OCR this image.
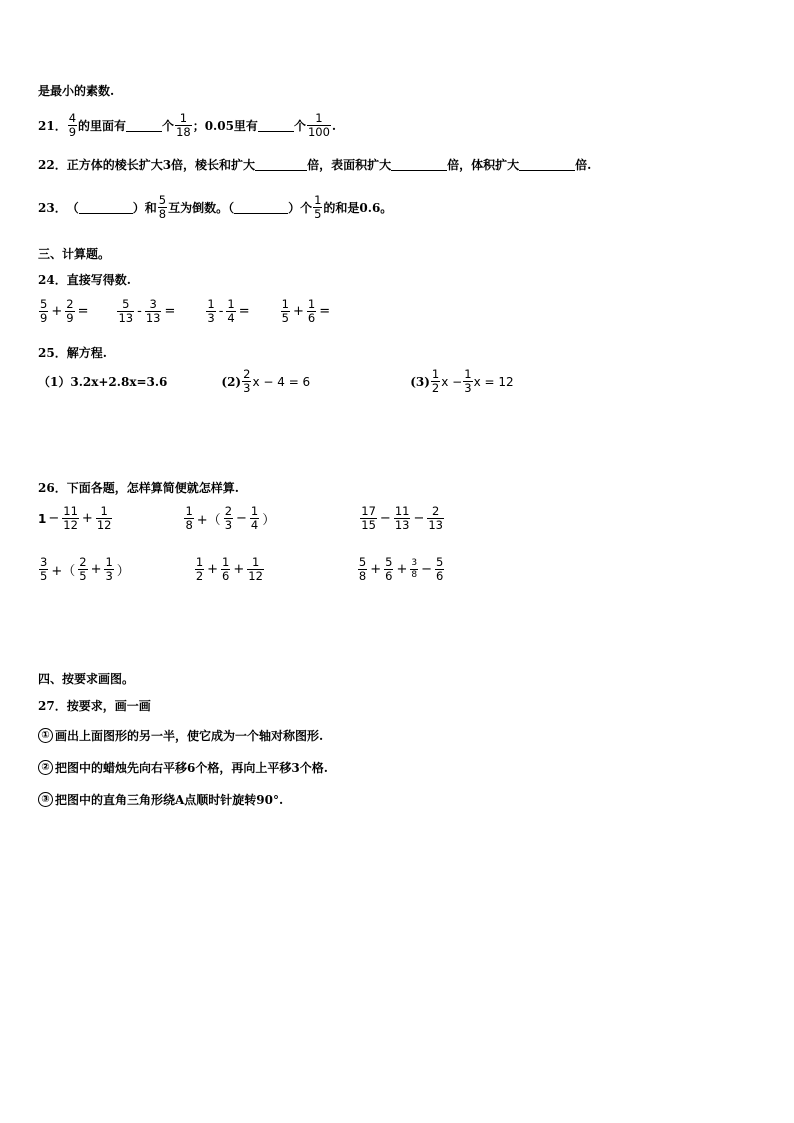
是最小的素数.
21．
4
9 的里面有	个
1
18 ；0.05里有	个
1
100 .
22． 正方体的棱长扩大3倍，棱长和扩大	倍，表面积扩大	倍，体积扩大	倍.
23． （	）和
5
8 互为倒数。（	）个
1
5 的和是0.6。
三、计算题。
24．直接写得数.
5
$9 + \frac{2}{9}$ =	5
$13 - \frac{3}{13}$ =	1
$3 - \frac{1}{4}$ =	1
$5 + \frac{1}{6}$ =
25．解方程.
（1）3.2x+2.8x=3.6	(2)
2
3 x − 4 = 6	(3)
1
2 $x - \frac{1}{3}$ x = 12
26．下面各题，怎样算简便就怎样算.
$1 - \frac{11}{12} + \frac{1}{12}$	1
8 +（
2
$3 - \frac{1}{4}$ ）
17
$15 - \frac{11}{13} - \frac{2}{13}$
3
5 +（
2
$5 + \frac{1}{3}$ ）
1
$2 + \frac{1}{6} + \frac{1}{12}$	5
$8 + \frac{5}{6} + \frac{3}{8} - \frac{5}{6}$
四、按要求画图。
27．按要求，画一画
① 画出上面图形的另一半，使它成为一个轴对称图形.
② 把图中的蜡烛先向右平移6个格，再向上平移3个格.
③ 把图中的直角三角形绕A点顺时针旋转90°.
